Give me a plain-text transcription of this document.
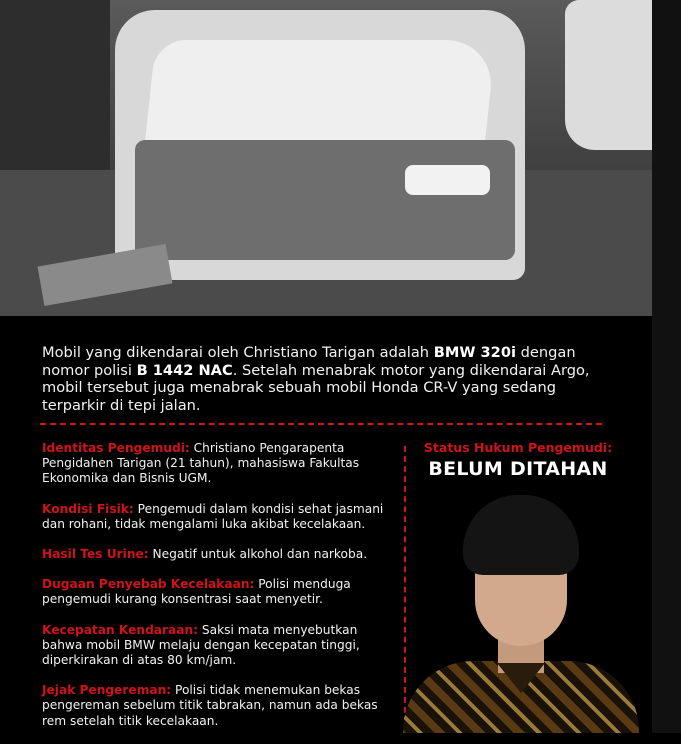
Mobil yang dikendarai oleh Christiano Tarigan adalah BMW 320i dengan nomor polisi B 1442 NAC. Setelah menabrak motor yang dikendarai Argo, mobil tersebut juga menabrak sebuah mobil Honda CR-V yang sedang terparkir di tepi jalan.

Identitas Pengemudi: Christiano Pengarapenta Pengidahen Tarigan (21 tahun), mahasiswa Fakultas Ekonomika dan Bisnis UGM.
Kondisi Fisik: Pengemudi dalam kondisi sehat jasmani dan rohani, tidak mengalami luka akibat kecelakaan.
Hasil Tes Urine: Negatif untuk alkohol dan narkoba.
Dugaan Penyebab Kecelakaan: Polisi menduga pengemudi kurang konsentrasi saat menyetir.
Kecepatan Kendaraan: Saksi mata menyebutkan bahwa mobil BMW melaju dengan kecepatan tinggi, diperkirakan di atas 80 km/jam.
Jejak Pengereman: Polisi tidak menemukan bekas pengereman sebelum titik tabrakan, namun ada bekas rem setelah titik kecelakaan.
Status Hukum Pengemudi:
BELUM DITAHAN
